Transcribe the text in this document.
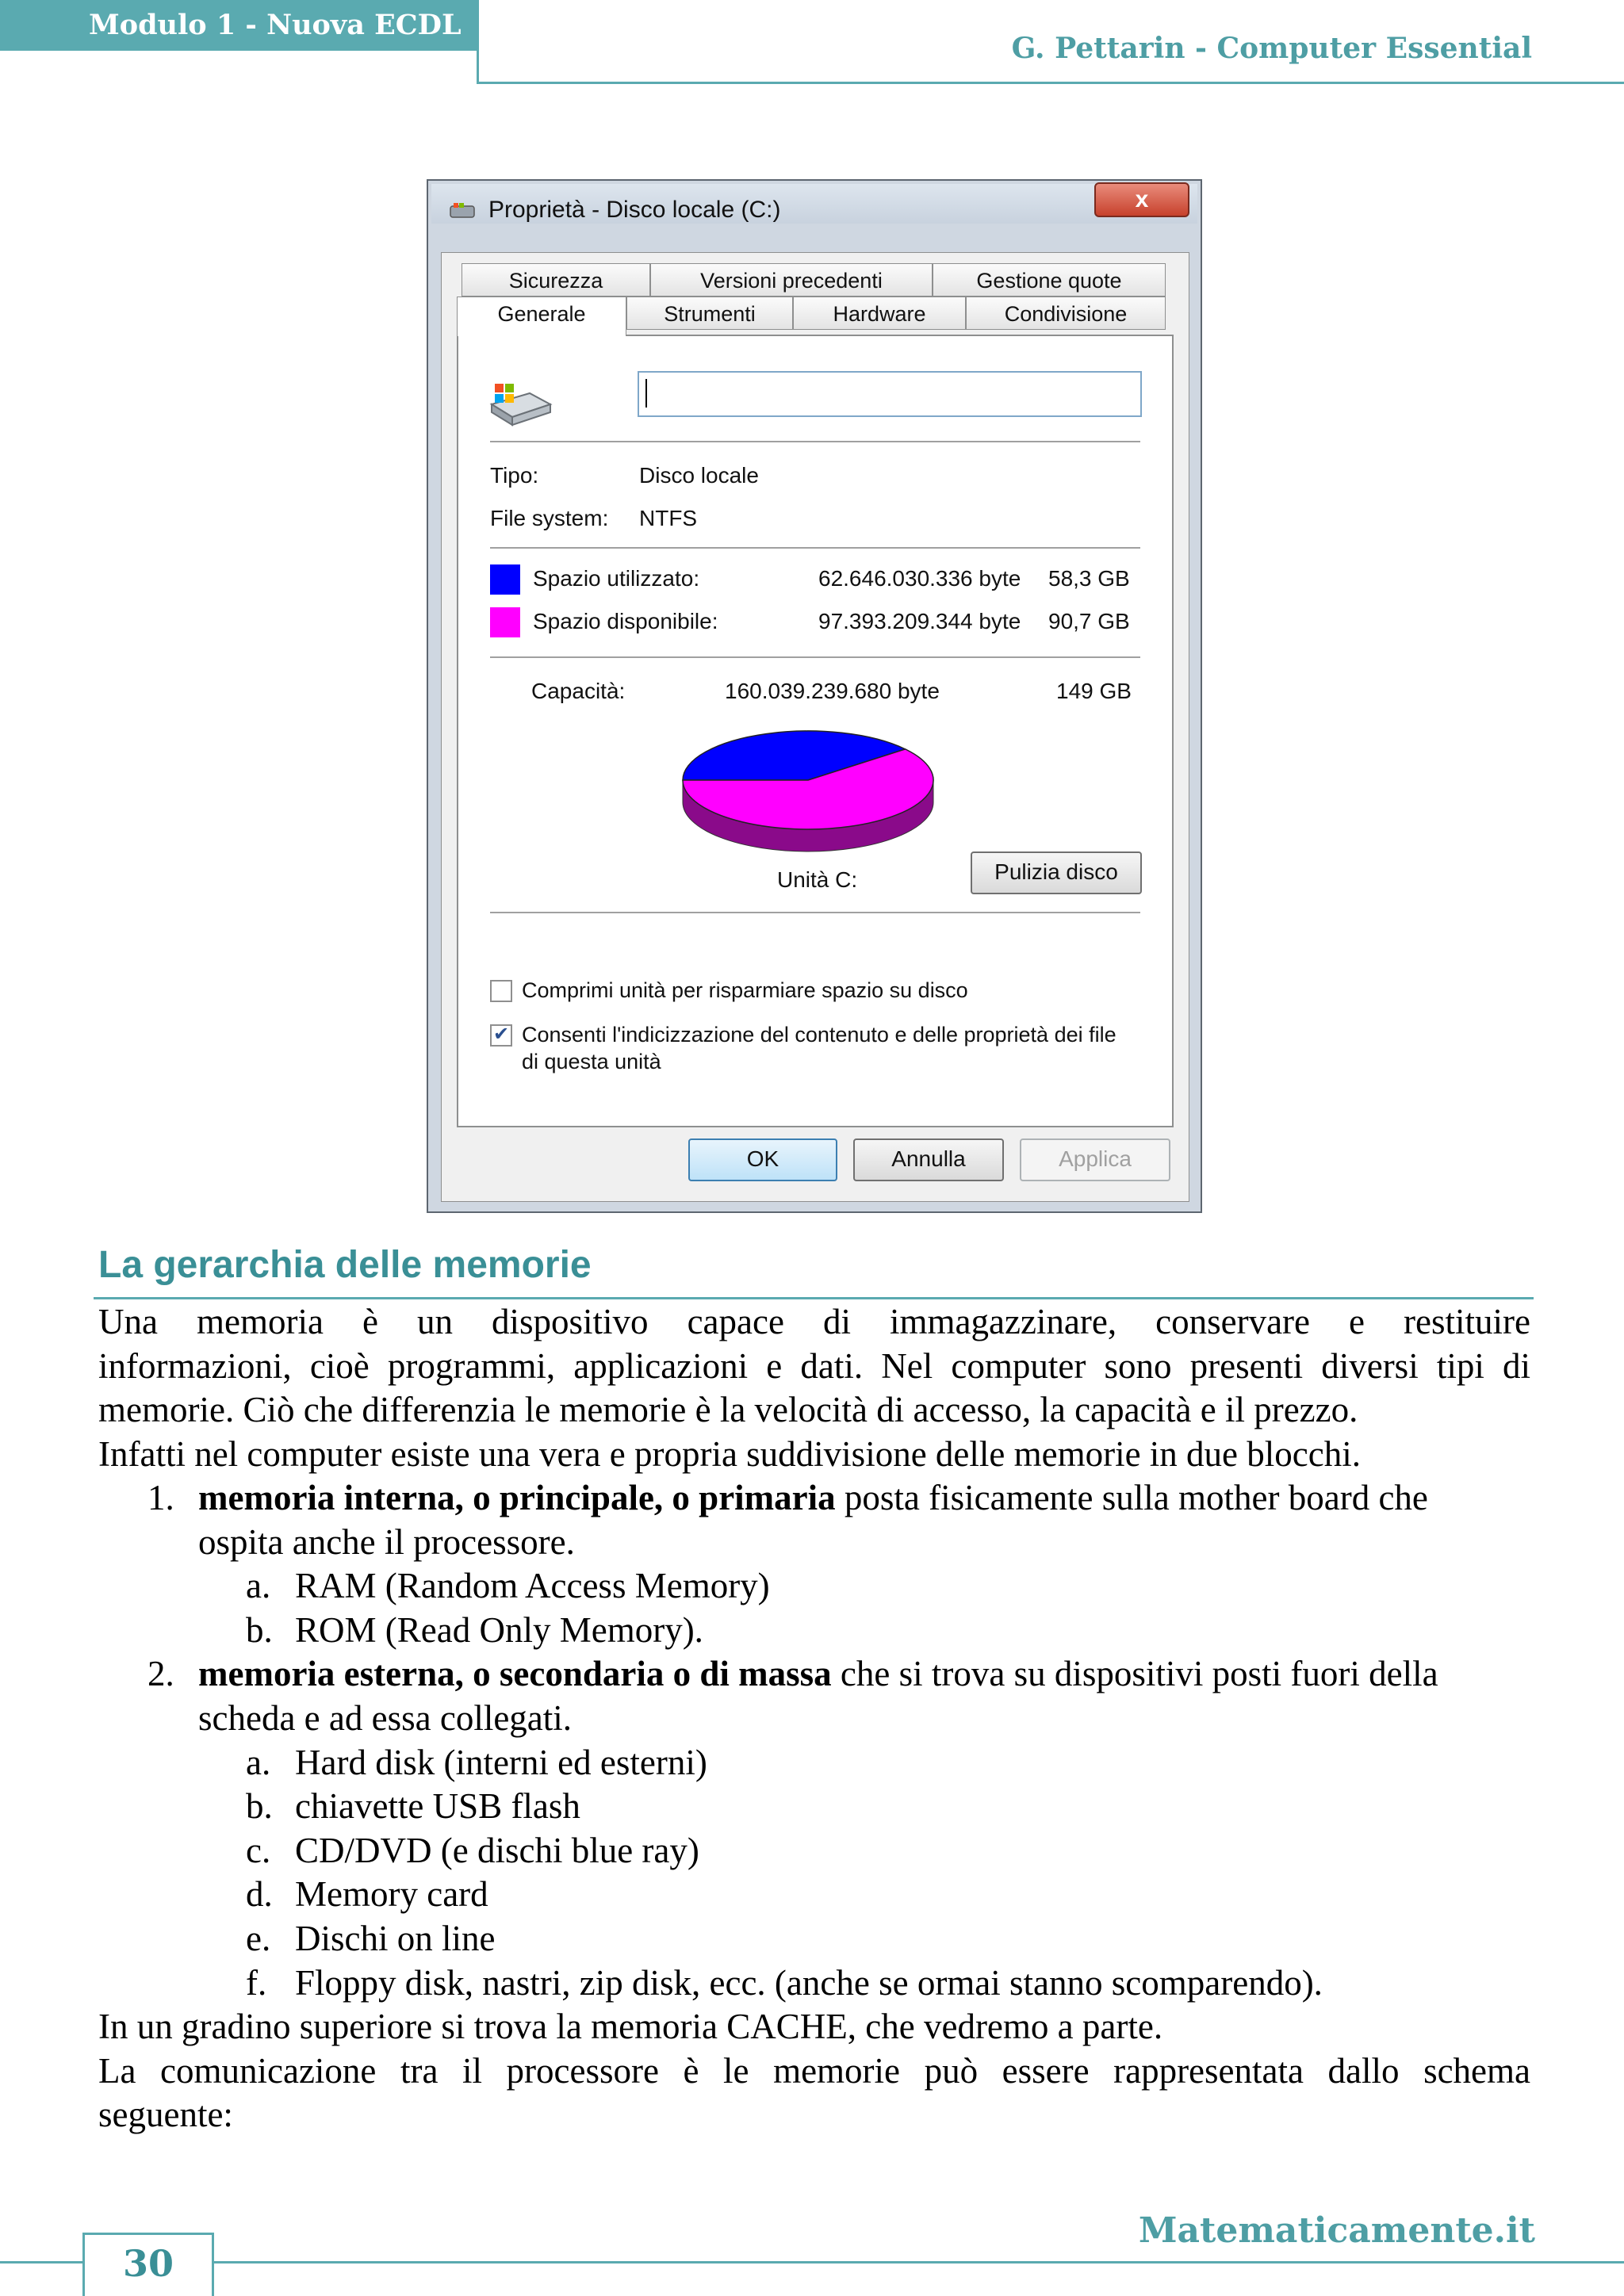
Modulo 1 - Nuova ECDL
G. Pettarin - Computer Essential
Proprietà - Disco locale (C:)	x
Sicurezza	Versioni precedenti	Gestione quote
Strumenti	Hardware	Condivisione
Tipo:	Disco locale
File system: NTFS
Spazio utilizzato:	62.646.030.336 byte 58,3 GB
Spazio disponibile:	97.393.209.344 byte 90,7 GB
Capacità:	160.039.239.680 byte	149 GB
Unità C:	Pulizia disco
Comprimi unità per risparmiare spazio su disco
✔ Consenti l'indicizzazione del contenuto e delle proprietà dei file
di questa unità
Generale
OK	Annulla	Applica
La gerarchia delle memorie
Una memoria è un dispositivo capace di immagazzinare, conservare e restituire
informazioni, cioè programmi, applicazioni e dati. Nel computer sono presenti diversi tipi di
memorie. Ciò che differenzia le memorie è la velocità di accesso, la capacità e il prezzo.
Infatti nel computer esiste una vera e propria suddivisione delle memorie in due blocchi.
1. memoria interna, o principale, o primaria posta fisicamente sulla mother board che
ospita anche il processore.
a. RAM (Random Access Memory)
b. ROM (Read Only Memory).
2. memoria esterna, o secondaria o di massa che si trova su dispositivi posti fuori della
scheda e ad essa collegati.
a. Hard disk (interni ed esterni)
b. chiavette USB flash
c. CD/DVD (e dischi blue ray)
d. Memory card
e. Dischi on line
f. Floppy disk, nastri, zip disk, ecc. (anche se ormai stanno scomparendo).
In un gradino superiore si trova la memoria CACHE, che vedremo a parte.
La comunicazione tra il processore è le memorie può essere rappresentata dallo schema
seguente:
Matematicamente.it
30
